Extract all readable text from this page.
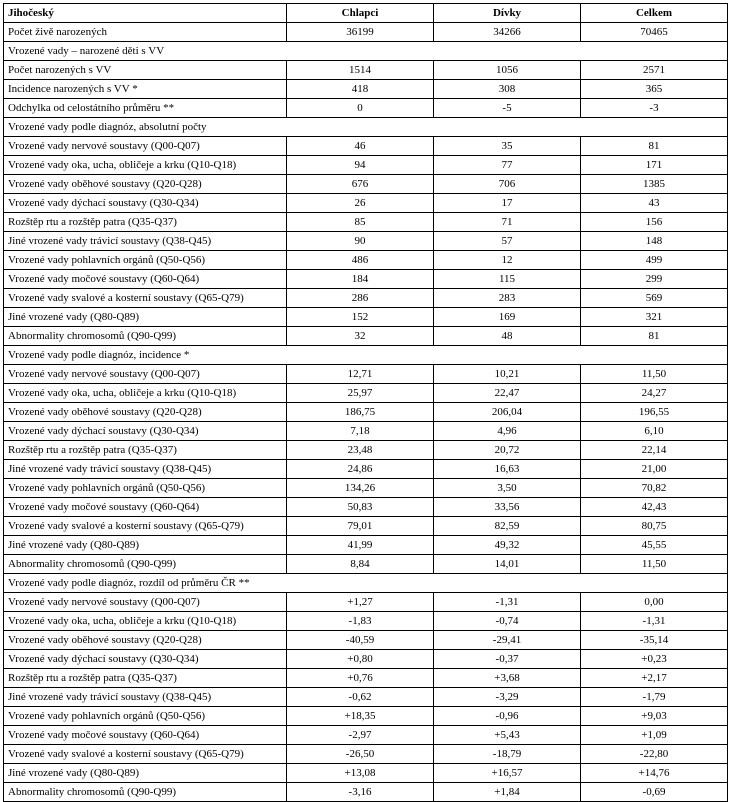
Jihočeský	Chlapci	Dívky	Celkem
Počet živě narozených	36199	34266	70465
Vrozené vady – narozené děti s VV			
Počet narozených s VV	1514	1056	2571
Incidence narozených s VV *	418	308	365
Odchylka od celostátního průměru **	0	-5	-3
Vrozené vady podle diagnóz, absolutní počty			
Vrozené vady nervové soustavy (Q00-Q07)	46	35	81
Vrozené vady oka, ucha, obličeje a krku (Q10-Q18)	94	77	171
Vrozené vady oběhové soustavy (Q20-Q28)	676	706	1385
Vrozené vady dýchací soustavy (Q30-Q34)	26	17	43
Rozštěp rtu a rozštěp patra (Q35-Q37)	85	71	156
Jiné vrozené vady trávicí soustavy (Q38-Q45)	90	57	148
Vrozené vady pohlavních orgánů (Q50-Q56)	486	12	499
Vrozené vady močové soustavy (Q60-Q64)	184	115	299
Vrozené vady svalové a kosterní soustavy (Q65-Q79)	286	283	569
Jiné vrozené vady (Q80-Q89)	152	169	321
Abnormality chromosomů (Q90-Q99)	32	48	81
Vrozené vady podle diagnóz, incidence *			
Vrozené vady nervové soustavy (Q00-Q07)	12,71	10,21	11,50
Vrozené vady oka, ucha, obličeje a krku (Q10-Q18)	25,97	22,47	24,27
Vrozené vady oběhové soustavy (Q20-Q28)	186,75	206,04	196,55
Vrozené vady dýchací soustavy (Q30-Q34)	7,18	4,96	6,10
Rozštěp rtu a rozštěp patra (Q35-Q37)	23,48	20,72	22,14
Jiné vrozené vady trávicí soustavy (Q38-Q45)	24,86	16,63	21,00
Vrozené vady pohlavních orgánů (Q50-Q56)	134,26	3,50	70,82
Vrozené vady močové soustavy (Q60-Q64)	50,83	33,56	42,43
Vrozené vady svalové a kosterní soustavy (Q65-Q79)	79,01	82,59	80,75
Jiné vrozené vady (Q80-Q89)	41,99	49,32	45,55
Abnormality chromosomů (Q90-Q99)	8,84	14,01	11,50
Vrozené vady podle diagnóz, rozdíl od průměru ČR **			
Vrozené vady nervové soustavy (Q00-Q07)	+1,27	-1,31	0,00
Vrozené vady oka, ucha, obličeje a krku (Q10-Q18)	-1,83	-0,74	-1,31
Vrozené vady oběhové soustavy (Q20-Q28)	-40,59	-29,41	-35,14
Vrozené vady dýchací soustavy (Q30-Q34)	+0,80	-0,37	+0,23
Rozštěp rtu a rozštěp patra (Q35-Q37)	+0,76	+3,68	+2,17
Jiné vrozené vady trávicí soustavy (Q38-Q45)	-0,62	-3,29	-1,79
Vrozené vady pohlavních orgánů (Q50-Q56)	+18,35	-0,96	+9,03
Vrozené vady močové soustavy (Q60-Q64)	-2,97	+5,43	+1,09
Vrozené vady svalové a kosterní soustavy (Q65-Q79)	-26,50	-18,79	-22,80
Jiné vrozené vady (Q80-Q89)	+13,08	+16,57	+14,76
Abnormality chromosomů (Q90-Q99)	-3,16	+1,84	-0,69
